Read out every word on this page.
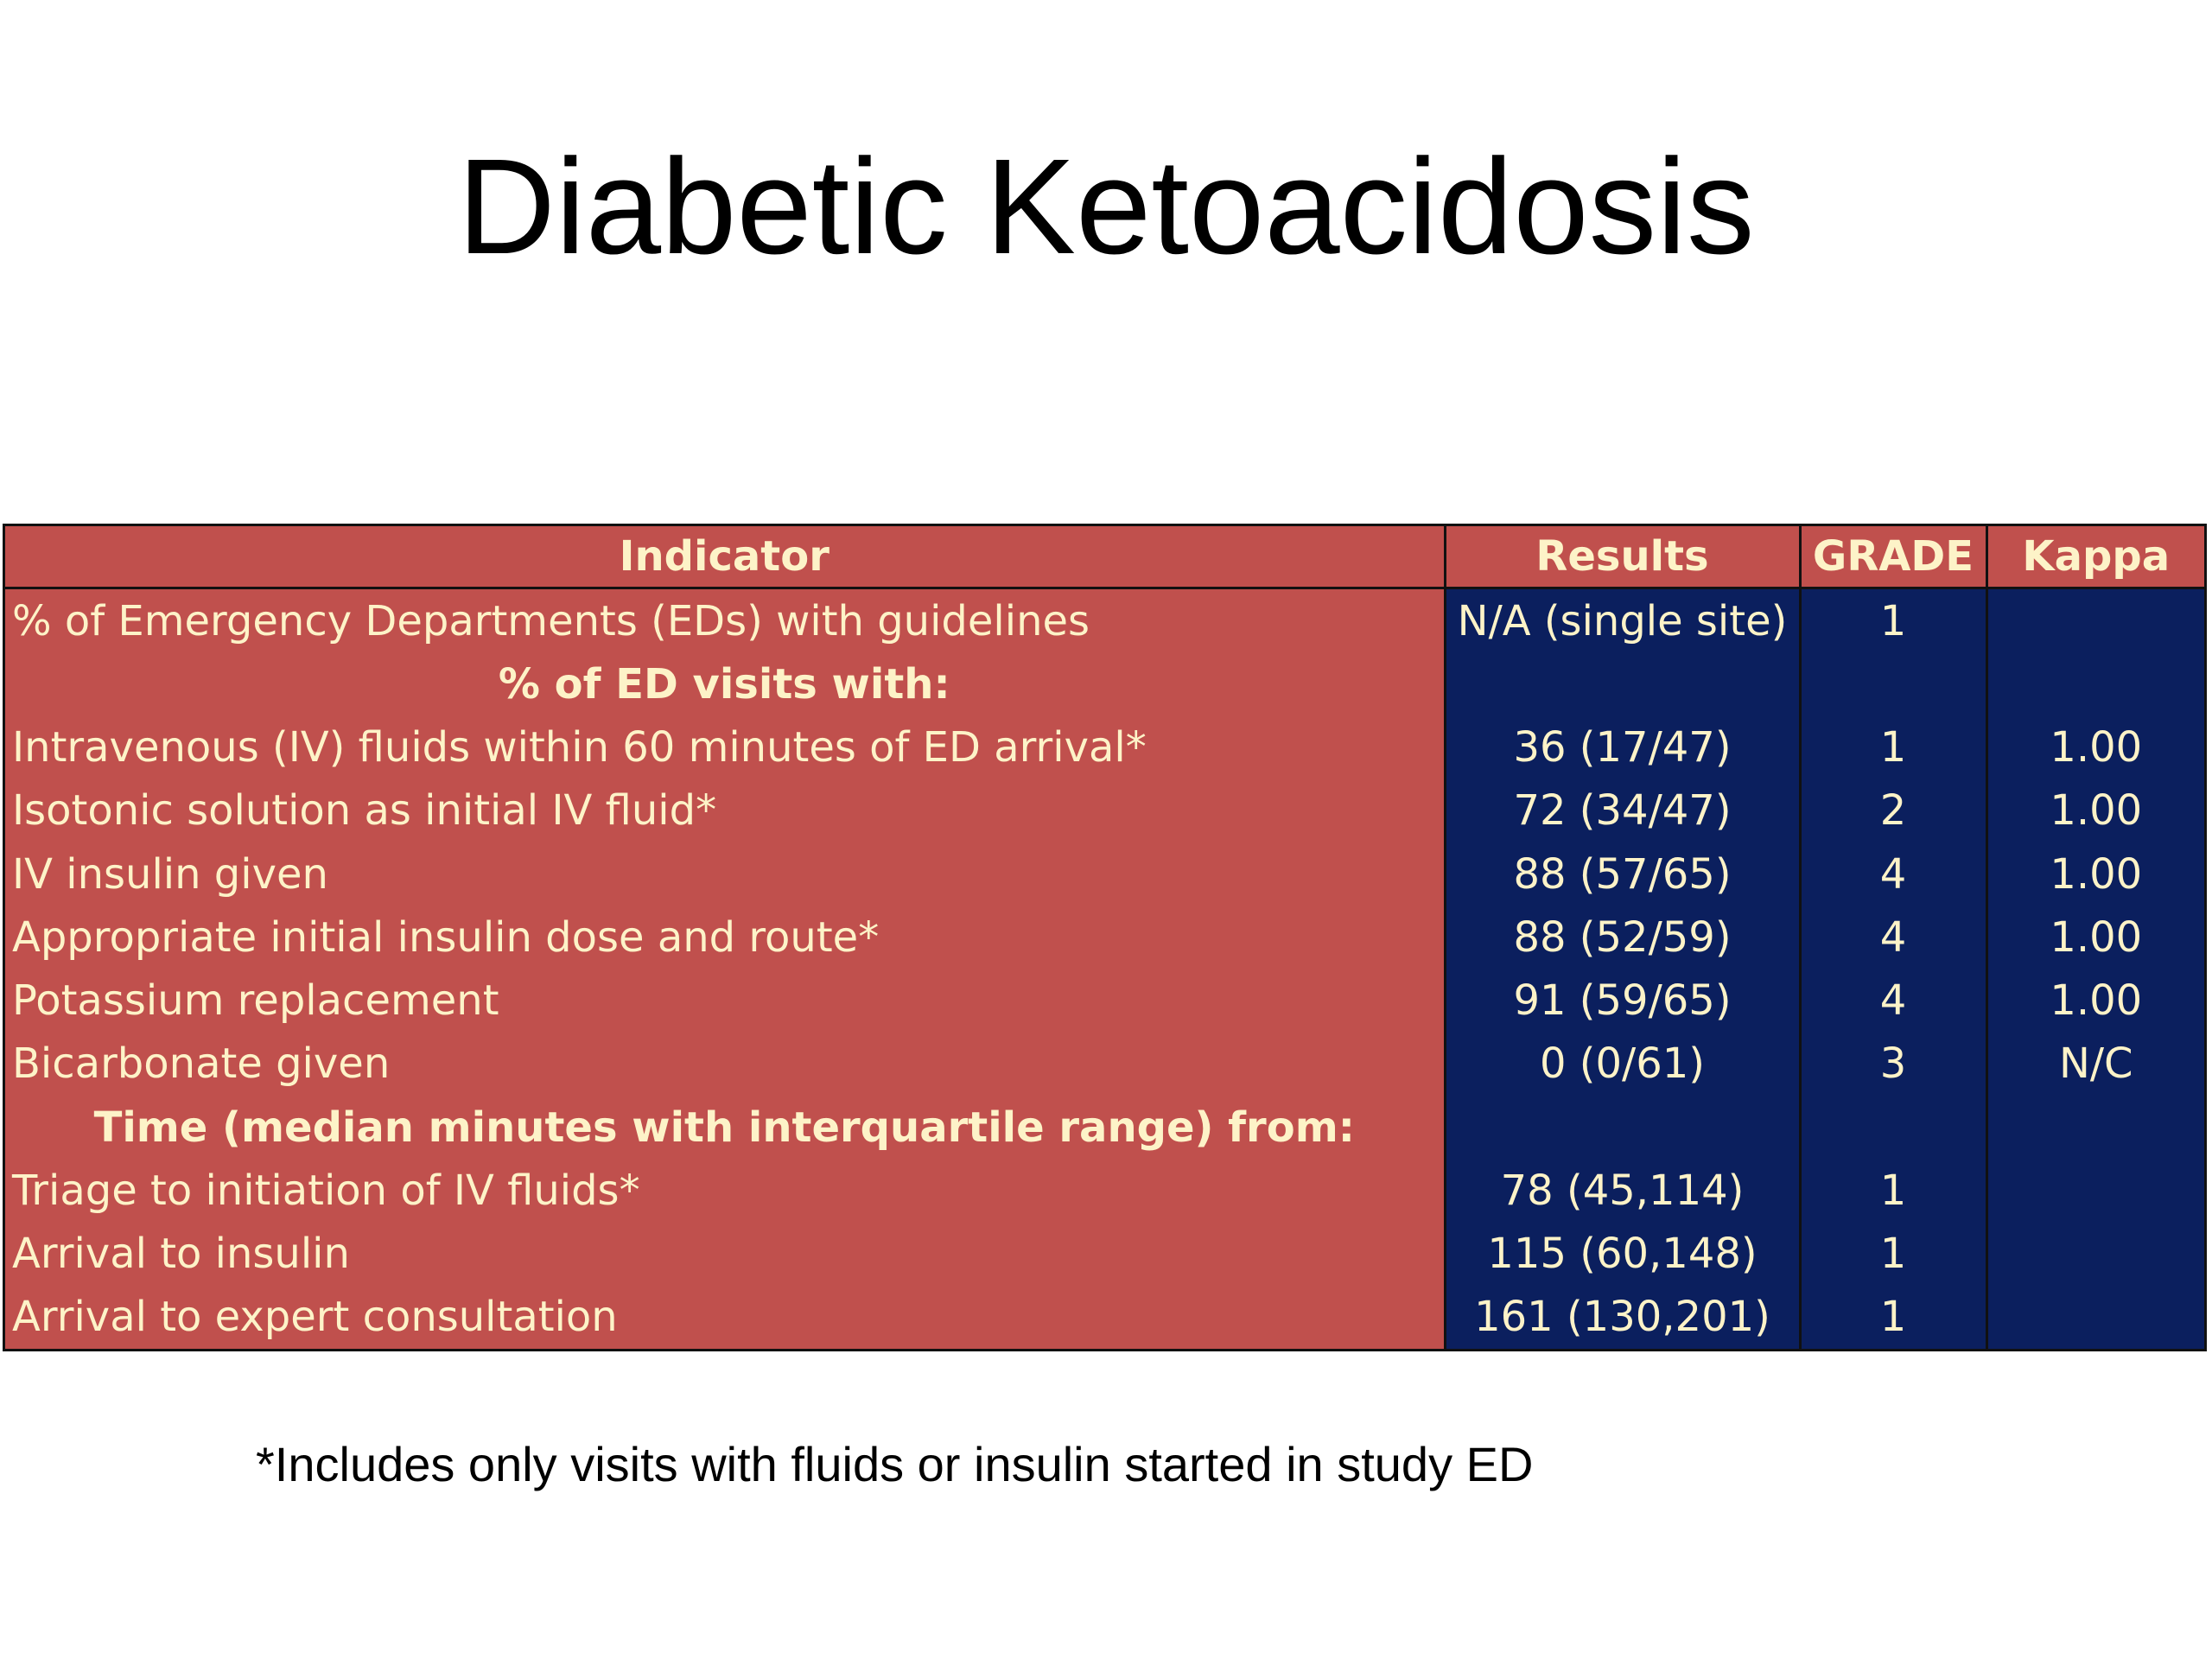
Diabetic Ketoacidosis
Indicator	Results	GRADE	Kappa
% of Emergency Departments (EDs) with guidelines	N/A (single site)	1	
% of ED visits with:			
Intravenous (IV) fluids within 60 minutes of ED arrival*	36 (17/47)	1	1.00
Isotonic solution as initial IV fluid*	72 (34/47)	2	1.00
IV insulin given	88 (57/65)	4	1.00
Appropriate initial insulin dose and route*	88 (52/59)	4	1.00
Potassium replacement	91 (59/65)	4	1.00
Bicarbonate given	0 (0/61)	3	N/C
Time (median minutes with interquartile range) from:			
Triage to initiation of IV fluids*	78 (45,114)	1	
Arrival to insulin	115 (60,148)	1	
Arrival to expert consultation	161 (130,201)	1	
*Includes only visits with fluids or insulin started in study ED
